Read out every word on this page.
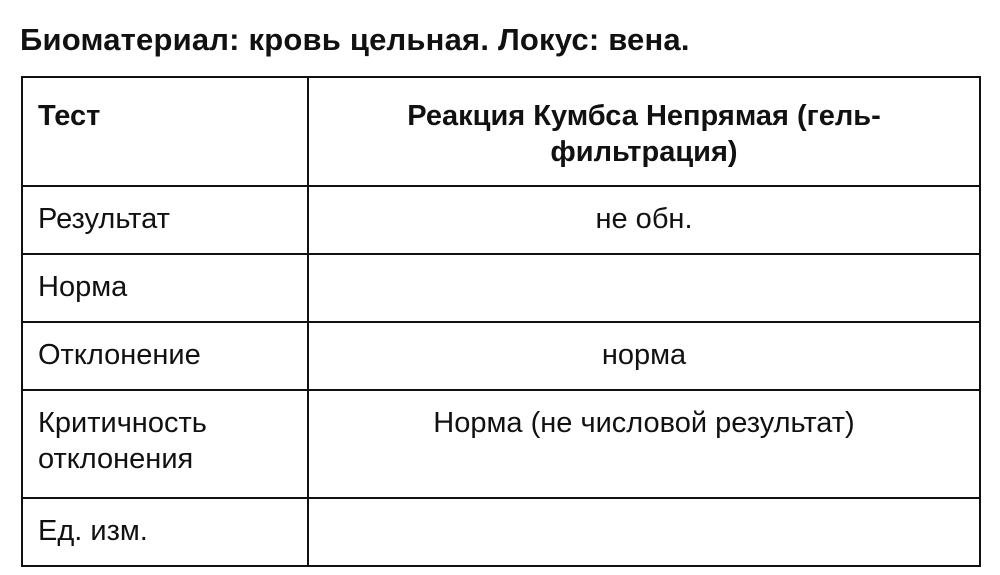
Биоматериал: кровь цельная. Локус: вена.
Тест	Реакция Кумбса Непрямая (гель-фильтрация)
Результат	не обн.
Норма	
Отклонение	норма
Критичность отклонения	Норма (не числовой результат)
Ед. изм.	
